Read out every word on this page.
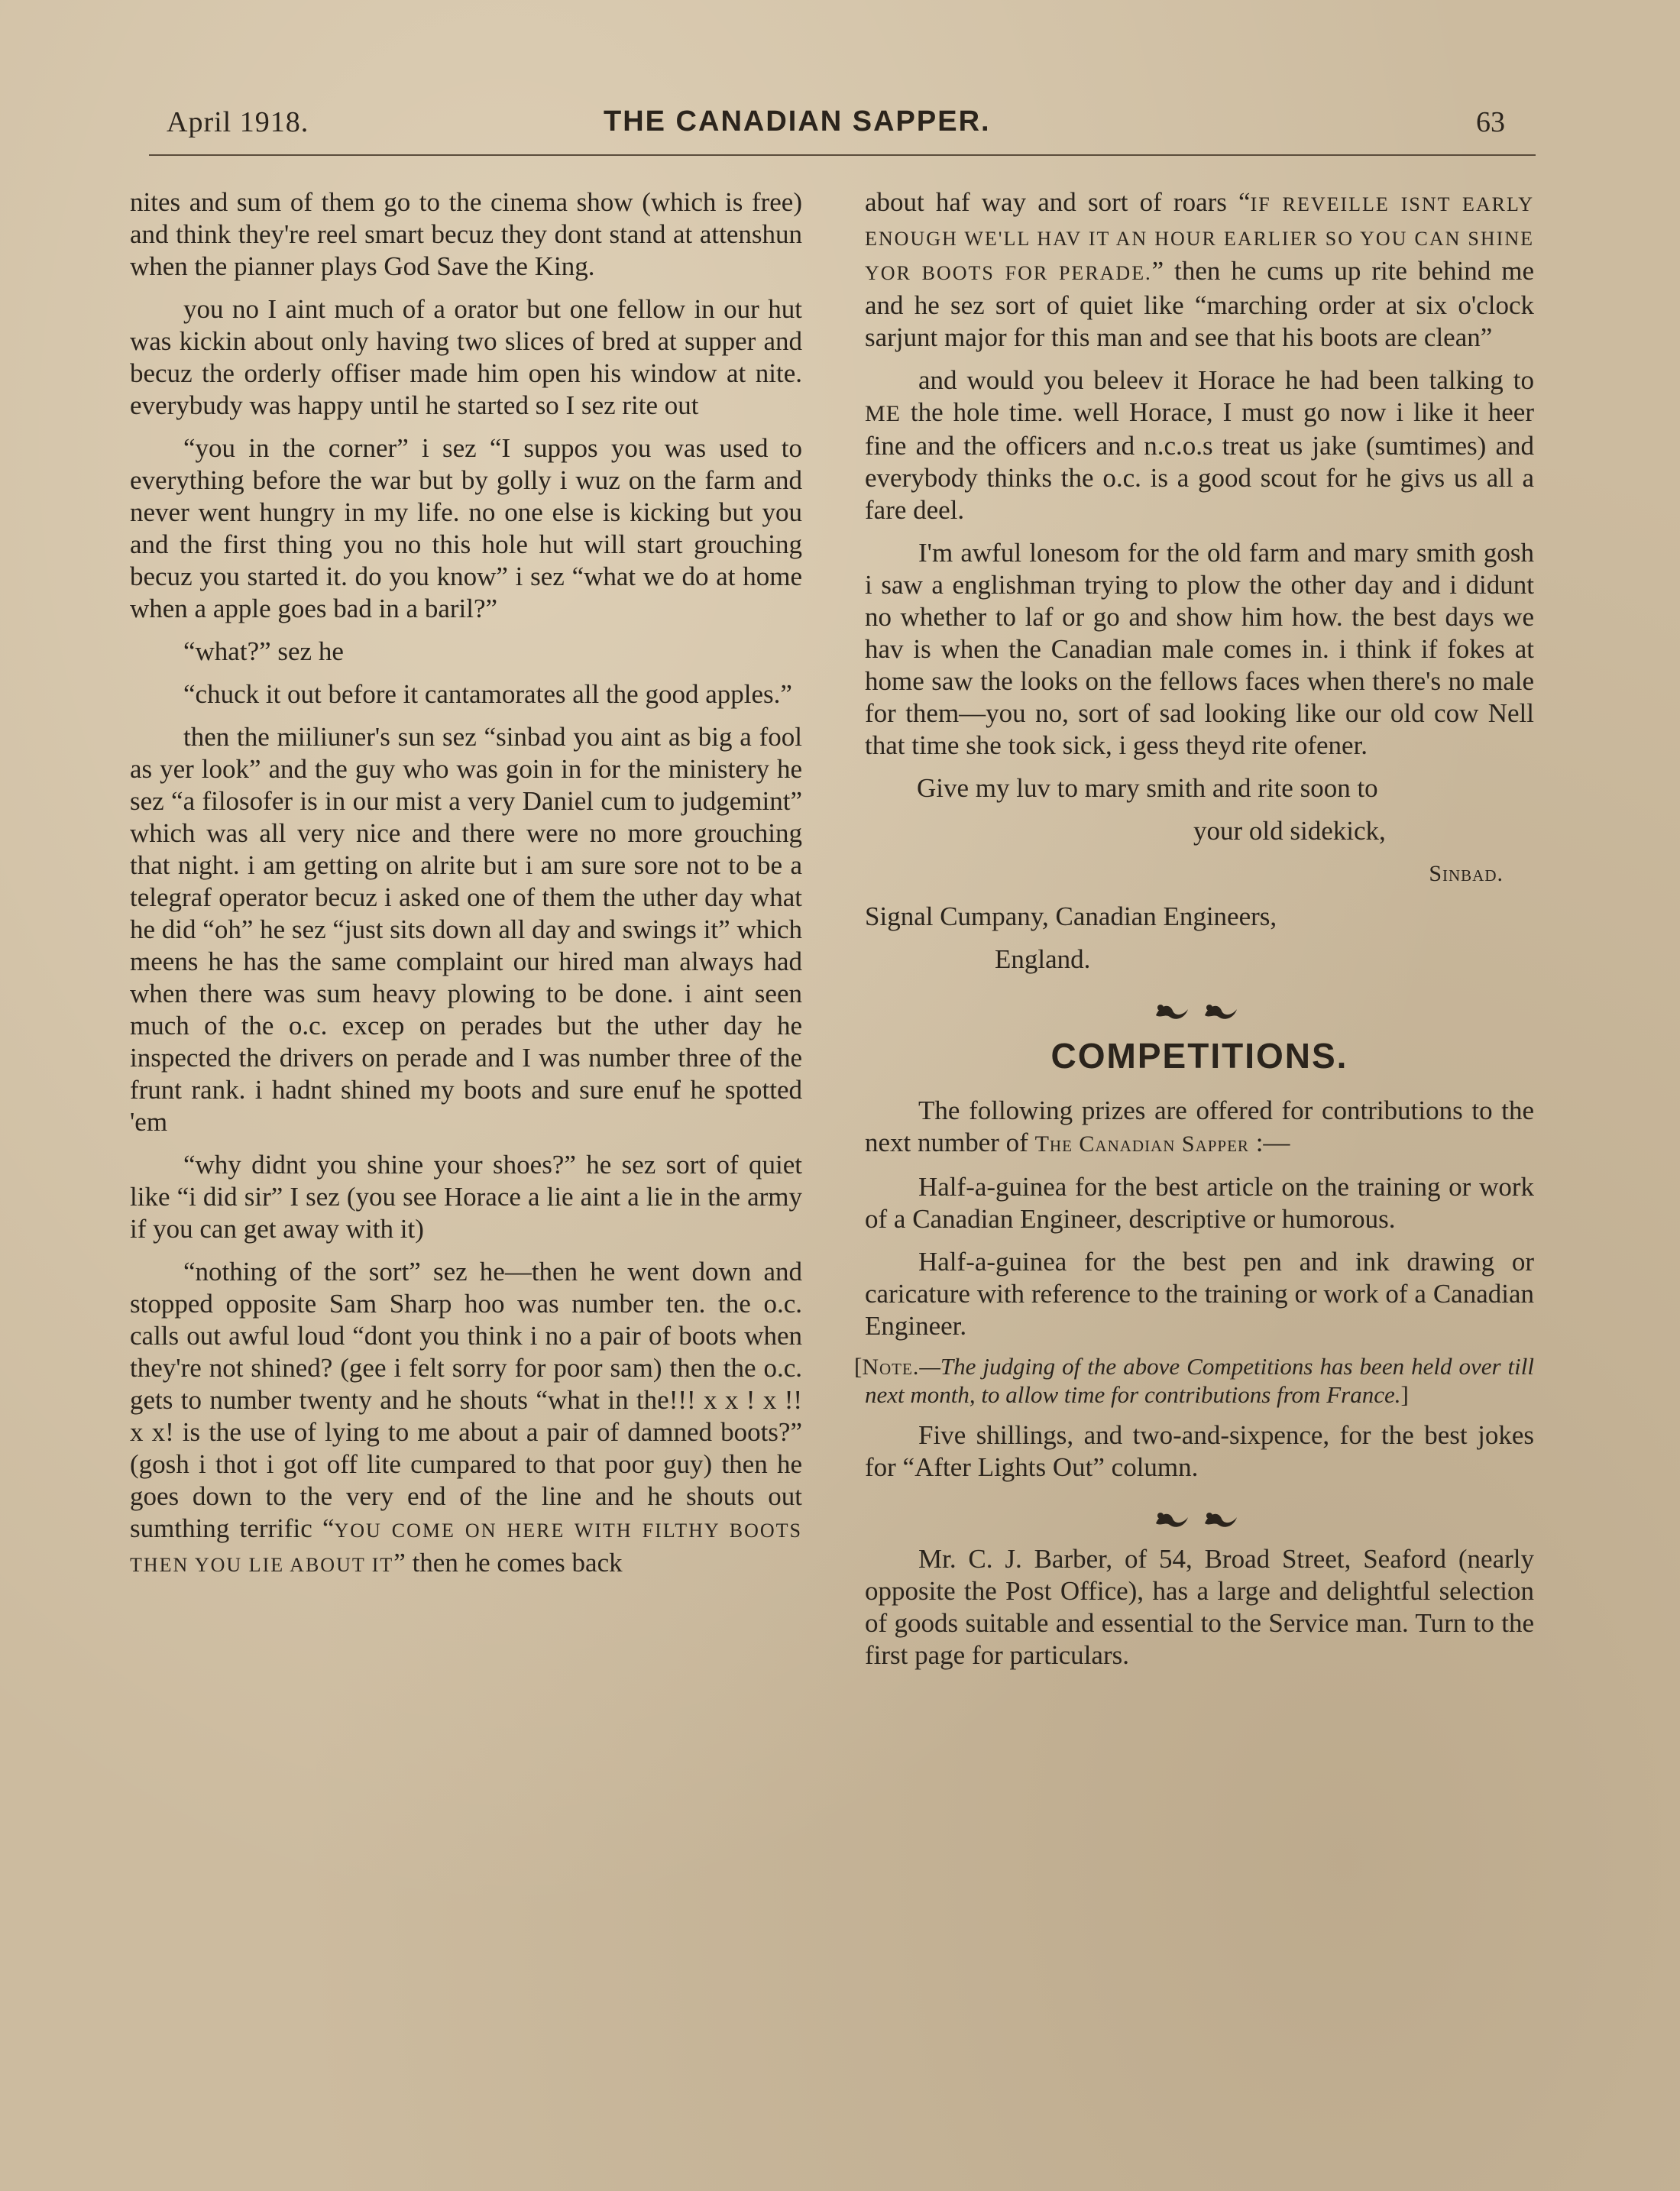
April 1918.	THE CANADIAN SAPPER.	63

nites and sum of them go to the cinema show (which is free) and think they're reel smart becuz they dont stand at attenshun when the pianner plays God Save the King.

you no I aint much of a orator but one fellow in our hut was kickin about only having two slices of bred at supper and becuz the orderly offiser made him open his window at nite. everybudy was happy until he started so I sez rite out

“you in the corner” i sez “I suppos you was used to everything before the war but by golly i wuz on the farm and never went hungry in my life. no one else is kicking but you and the first thing you no this hole hut will start grouching becuz you started it. do you know” i sez “what we do at home when a apple goes bad in a baril?”

“what?” sez he

“chuck it out before it cantamorates all the good apples.”

then the miiliuner's sun sez “sinbad you aint as big a fool as yer look” and the guy who was goin in for the ministery he sez “a filosofer is in our mist a very Daniel cum to judgemint” which was all very nice and there were no more grouching that night. i am getting on alrite but i am sure sore not to be a telegraf operator becuz i asked one of them the uther day what he did “oh” he sez “just sits down all day and swings it” which meens he has the same complaint our hired man always had when there was sum heavy plowing to be done. i aint seen much of the o.c. excep on perades but the uther day he inspected the drivers on perade and I was number three of the frunt rank. i hadnt shined my boots and sure enuf he spotted 'em

“why didnt you shine your shoes?” he sez sort of quiet like “i did sir” I sez (you see Horace a lie aint a lie in the army if you can get away with it)

“nothing of the sort” sez he—then he went down and stopped opposite Sam Sharp hoo was number ten. the o.c. calls out awful loud “dont you think i no a pair of boots when they're not shined? (gee i felt sorry for poor sam) then the o.c. gets to number twenty and he shouts “what in the!!! x x ! x !! x x! is the use of lying to me about a pair of damned boots?” (gosh i thot i got off lite cumpared to that poor guy) then he goes down to the very end of the line and he shouts out sumthing terrific “YOU COME ON HERE WITH FILTHY BOOTS THEN YOU LIE ABOUT IT” then he comes back

about haf way and sort of roars “IF REVEILLE ISNT EARLY ENOUGH WE'LL HAV IT AN HOUR EARLIER SO YOU CAN SHINE YOR BOOTS FOR PERADE.” then he cums up rite behind me and he sez sort of quiet like “marching order at six o'clock sarjunt major for this man and see that his boots are clean”

and would you beleev it Horace he had been talking to ME the hole time. well Horace, I must go now i like it heer fine and the officers and n.c.o.s treat us jake (sumtimes) and everybody thinks the o.c. is a good scout for he givs us all a fare deel.

I'm awful lonesom for the old farm and mary smith gosh i saw a englishman trying to plow the other day and i didunt no whether to laf or go and show him how. the best days we hav is when the Canadian male comes in. i think if fokes at home saw the looks on the fellows faces when there's no male for them—you no, sort of sad looking like our old cow Nell that time she took sick, i gess theyd rite ofener.

Give my luv to mary smith and rite soon to

your old sidekick,

Sinbad.

Signal Cumpany, Canadian Engineers,

England.

COMPETITIONS.

The following prizes are offered for contributions to the next number of The Canadian Sapper :—

Half-a-guinea for the best article on the training or work of a Canadian Engineer, descriptive or humorous.

Half-a-guinea for the best pen and ink drawing or caricature with reference to the training or work of a Canadian Engineer.

[Note.—The judging of the above Competitions has been held over till next month, to allow time for contributions from France.]

Five shillings, and two-and-sixpence, for the best jokes for “After Lights Out” column.

Mr. C. J. Barber, of 54, Broad Street, Seaford (nearly opposite the Post Office), has a large and delightful selection of goods suitable and essential to the Service man. Turn to the first page for particulars.
